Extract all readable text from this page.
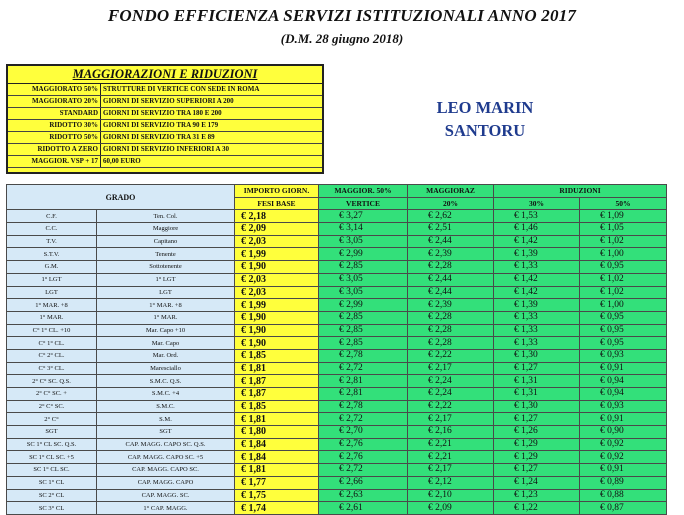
FONDO EFFICIENZA SERVIZI ISTITUZIONALI ANNO 2017
(D.M. 28 giugno 2018)
MAGGIORAZIONI E RIDUZIONI
MAGGIORATO 50%	STRUTTURE DI VERTICE CON SEDE IN ROMA
MAGGIORATO 20%	GIORNI DI SERVIZIO SUPERIORI A 200
STANDARD	GIORNI DI SERVIZIO TRA 180 E 200
RIDOTTO 30%	GIORNI DI SERVIZIO TRA 90 E 179
RIDOTTO 50%	GIORNI DI SERVIZIO TRA 31 E 89
RIDOTTO A ZERO	GIORNI DI SERVIZIO INFERIORI A 30
MAGGIOR. VSP + 17	60,00 EURO
LEO MARIN
SANTORU
GRADO		IMPORTO GIORN.	MAGGIOR. 50%	MAGGIORAZ	RIDUZIONI	
		FESI BASE	VERTICE	20%	30%	50%
C.F.	Ten. Col.	€ 2,18	€ 3,27	€ 2,62	€ 1,53	€ 1,09
C.C.	Maggiore	€ 2,09	€ 3,14	€ 2,51	€ 1,46	€ 1,05
T.V.	Capitano	€ 2,03	€ 3,05	€ 2,44	€ 1,42	€ 1,02
S.T.V.	Tenente	€ 1,99	€ 2,99	€ 2,39	€ 1,39	€ 1,00
G.M.	Sottotenente	€ 1,90	€ 2,85	€ 2,28	€ 1,33	€ 0,95
1° LGT	1° LGT	€ 2,03	€ 3,05	€ 2,44	€ 1,42	€ 1,02
LGT	LGT	€ 2,03	€ 3,05	€ 2,44	€ 1,42	€ 1,02
1° MAR. +8	1° MAR. +8	€ 1,99	€ 2,99	€ 2,39	€ 1,39	€ 1,00
1° MAR.	1° MAR.	€ 1,90	€ 2,85	€ 2,28	€ 1,33	€ 0,95
C° 1° CL. +10	Mar. Capo +10	€ 1,90	€ 2,85	€ 2,28	€ 1,33	€ 0,95
C° 1° CL.	Mar. Capo	€ 1,90	€ 2,85	€ 2,28	€ 1,33	€ 0,95
C° 2° CL.	Mar. Ord.	€ 1,85	€ 2,78	€ 2,22	€ 1,30	€ 0,93
C° 3° CL.	Maresciallo	€ 1,81	€ 2,72	€ 2,17	€ 1,27	€ 0,91
2° C° SC. Q.S.	S.M.C. Q.S.	€ 1,87	€ 2,81	€ 2,24	€ 1,31	€ 0,94
2° C° SC. +	S.M.C. +4	€ 1,87	€ 2,81	€ 2,24	€ 1,31	€ 0,94
2° C° SC.	S.M.C.	€ 1,85	€ 2,78	€ 2,22	€ 1,30	€ 0,93
2° C°	S.M.	€ 1,81	€ 2,72	€ 2,17	€ 1,27	€ 0,91
SGT	SGT	€ 1,80	€ 2,70	€ 2,16	€ 1,26	€ 0,90
SC 1° CL SC. Q.S.	CAP. MAGG. CAPO SC. Q.S.	€ 1,84	€ 2,76	€ 2,21	€ 1,29	€ 0,92
SC 1° CL SC. +5	CAP. MAGG. CAPO SC. +5	€ 1,84	€ 2,76	€ 2,21	€ 1,29	€ 0,92
SC 1° CL SC.	CAP. MAGG. CAPO SC.	€ 1,81	€ 2,72	€ 2,17	€ 1,27	€ 0,91
SC 1° CL	CAP. MAGG. CAPO	€ 1,77	€ 2,66	€ 2,12	€ 1,24	€ 0,89
SC 2° CL	CAP. MAGG. SC.	€ 1,75	€ 2,63	€ 2,10	€ 1,23	€ 0,88
SC 3° CL	1° CAP. MAGG.	€ 1,74	€ 2,61	€ 2,09	€ 1,22	€ 0,87
